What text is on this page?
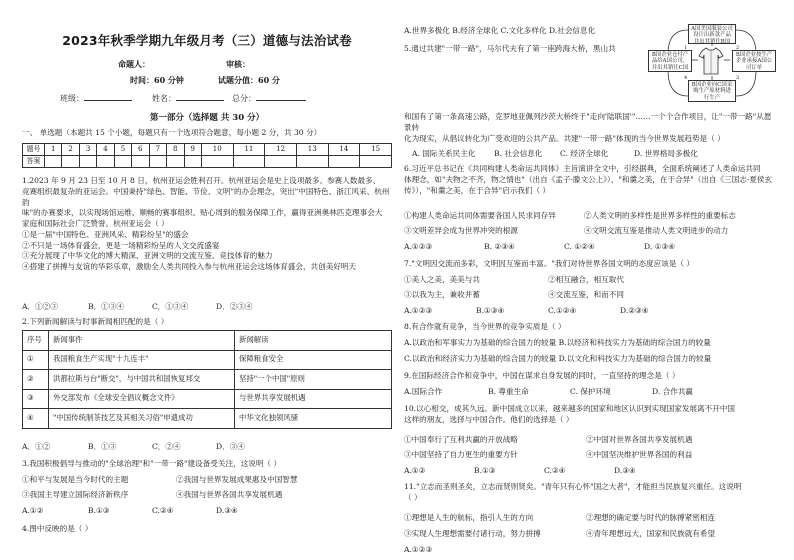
2023年秋季学期九年级月考（三）道德与法治试卷
命题人：	审核：
时间：60 分钟	试题分值：60 分
班级：	姓名：	总分：
第一部分（选择题 共 30 分）
一、 单选题（本题共 15 个小题，每题只有一个选项符合题意，每小题 2 分，共 30 分）
题号	1	2	3	4	5	6	7	8	9	10	11	12	13	14	15
答案															
1.2023 年 9 月 23 日至 10 月 8 日，杭州亚运会胜利召开。杭州亚运会是史上设项最多、参赛人数最多、
竞赛组织最复杂的亚运会。中国秉持"绿色、智能、节俭、文明"的办会理念，突出"中国特色、浙江风采、杭州韵
味"的办赛要求，以实现场馆运维、顺畅的赛事组织、贴心周到的服务保障工作，赢得亚洲奥林匹克理事会大
家庭和国际社会广泛赞誉。杭州亚运会（ ）
①是一届"中国特色、亚洲风采、精彩纷呈"的盛会
②不只是一场体育盛会，更是一场精彩纷呈的人文交流盛宴
③充分展现了中华文化的博大精深、亚洲文明的交流互鉴、竞技体育的魅力
④搭建了拼搏与友谊的华彩乐章，激励全人类共同投入参与杭州亚运会这场体育盛会，共创美好明天
A．①②③	B．①③④	C．①③④	D．②③④
2.下列新闻解读与时事新闻相匹配的是（ ）
序号	新闻事件	新闻解读
①	我国粮食生产实现"十九连丰"	保障粮食安全
②	洪都拉斯与台"断交"，与中国共和国恢复邦交	坚持"一个中国"原则
③	外交部发布《全球安全倡议概念文件》	与世界共享发展机遇
④	"中国传统制茶技艺及其相关习俗"申遗成功	中华文化独领风骚
A．①②	B．①③	C．②④	D．③④
3.我国积极倡导与推动的"全球治理"和"一带一路"建设备受关注，这说明（ ）
①和平与发展是当今时代的主题	②我国与世界发展成果惠及中国智慧
③我国主导建立国际经济新秩序	④我国与世界各国共享发展机遇
A.①②	B.①③	C.②④	D.③④
4.图中反映的是（ ）
A.世界多极化 B.经济全球化 C.文化多样化 D.社会信息化
5.通过共建"一带一路"，马尔代夫有了第一座跨海大桥，黑山共
A国美国服装公司设计出新款产品并出其销往B国
B国企业仓付产品给A国公司，并出其销往C国
B国企业按生产企业承接A国公司订单
B国企业向C国采购生产原材料进行生产
1	2
3
4
和国有了第一条高速公路，克罗地亚佩列沙茨大桥终于"走向'陆联国'"……一个个合作项目，让"一带一路"从愿景转
化为现实，从倡议转化为广受欢迎的公共产品。共建"一带一路"体现的当今世界发展趋势是（ ）
A. 国际关系民主化 B. 社会信息化 C. 经济全球化	D. 世界格局多极化
6.习近平总书记在《共同构建人类命运共同体》主旨演讲全文中，引经据典，全面系统阐述了人类命运共同
体理念，如"夫物之不齐，物之情也"（出自《孟子·滕文公上》），"和羹之美，在于合异"（出自《三国志·夏侯玄传》），"和羹之美，在于合异"启示我们（ ）
①构建人类命运共同体需要各国人民求同存异	②人类文明的多样性是世界多样性的重要标志
③文明差异会成为世界冲突的根源	④文明交流互鉴是推动人类文明进步的动力
A.①②③	B. ②③④	C. ①②④	D. ①③④
7."文明因交流而多彩，文明因互鉴而丰富。"我们对待世界各国文明的态度应该是（ ）
①美人之美，美美与共	②相互融合，相互取代
③以我为主，兼收并蓄	④交流互鉴，和而不同
A.①②③	B.①③④	C.①②④	D.②③④
8.有合作就有竞争，当今世界的竞争实质是（ ）
A.以政治和军事实力为基础的综合国力的较量 B.以经济和科技实力为基础的综合国力的较量
C.以政治和经济实力为基础的综合国力的较量 D.以文化和科技实力为基础的综合国力的较量
9.在国际经济合作和竞争中，中国在谋求自身发展的同时，一直坚持的理念是（ ）
A.国际合作	B. 尊重生命	C. 保护环境	D. 合作共赢
10.以心相交，成其久远。新中国成立以来，越来越多的国家和地区认识到实现国家发展离不开中国
这样的朋友，选择与中国合作。他们的选择是（ ）
①中国奉行了互利共赢的开放战略	②中国对世界各国共享发展机遇
③中国坚持了自力更生的重要方针	④中国坚决维护世界各国的利益
A.①②	B.①③	C.②④	D.③④
11."立志而圣则圣矣，立志而贤则贤矣。"青年只有心怀"国之大者"，才能担当民族复兴重任。这说明
（ ）
①理想是人生的航标，指引人生的方向	②理想的确定要与时代的脉搏紧密相连
③实现人生理想需要付诸行动，努力拼搏	④青年理想远大，国家和民族就有希望
A.①②③
